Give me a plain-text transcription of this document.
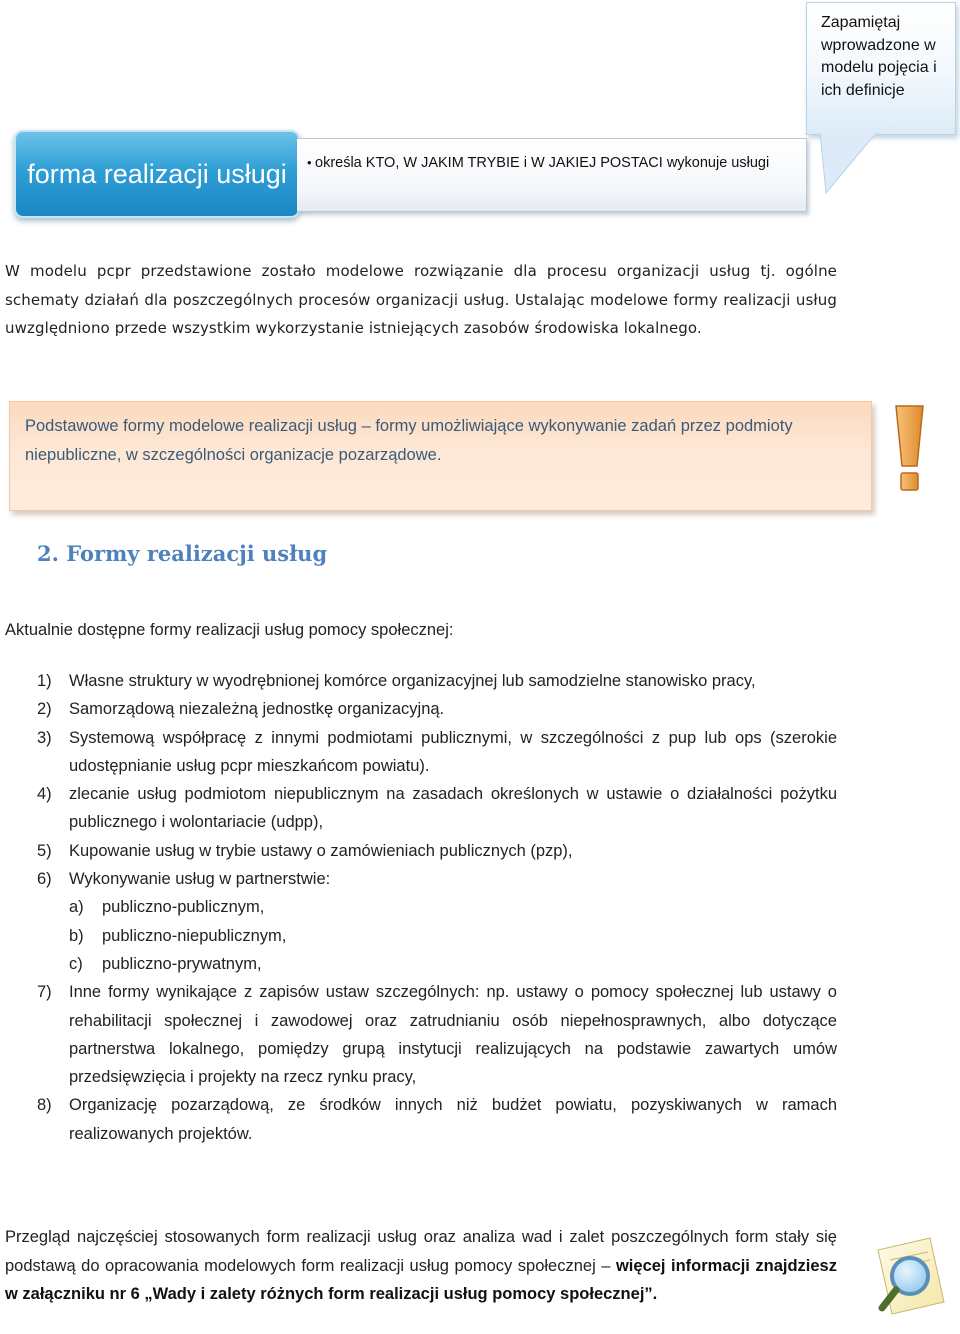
Zapamiętaj wprowadzone w modelu pojęcia i ich definicje
forma realizacji usługi	• określa KTO, W JAKIM TRYBIE i W JAKIEJ POSTACI wykonuje usługi

W modelu pcpr przedstawione zostało modelowe rozwiązanie dla procesu organizacji usług tj. ogólne schematy działań dla poszczególnych procesów organizacji usług. Ustalając modelowe formy realizacji usług uwzględniono przede wszystkim wykorzystanie istniejących zasobów środowiska lokalnego.

Podstawowe formy modelowe realizacji usług – formy umożliwiające wykonywanie zadań przez podmioty niepubliczne, w szczególności organizacje pozarządowe.
2. Formy realizacji usług
Aktualnie dostępne formy realizacji usług pomocy społecznej:
1) Własne struktury w wyodrębnionej komórce organizacyjnej lub samodzielne stanowisko pracy,
2) Samorządową niezależną jednostkę organizacyjną.
3) Systemową współpracę z innymi podmiotami publicznymi, w szczególności z pup lub ops (szerokie udostępnianie usług pcpr mieszkańcom powiatu).
4) zlecanie usług podmiotom niepublicznym na zasadach określonych w ustawie o działalności pożytku publicznego i wolontariacie (udpp),
5) Kupowanie usług w trybie ustawy o zamówieniach publicznych (pzp),
6) Wykonywanie usług w partnerstwie:
a) publiczno-publicznym,
b) publiczno-niepublicznym,
c) publiczno-prywatnym,
7) Inne formy wynikające z zapisów ustaw szczególnych: np. ustawy o pomocy społecznej lub ustawy o rehabilitacji społecznej i zawodowej oraz zatrudnianiu osób niepełnosprawnych, albo dotyczące partnerstwa lokalnego, pomiędzy grupą instytucji realizujących na podstawie zawartych umów przedsięwzięcia i projekty na rzecz rynku pracy,
8) Organizację pozarządową, ze środków innych niż budżet powiatu, pozyskiwanych w ramach realizowanych projektów.

Przegląd najczęściej stosowanych form realizacji usług oraz analiza wad i zalet poszczególnych form stały się podstawą do opracowania modelowych form realizacji usług pomocy społecznej – więcej informacji znajdziesz w załączniku nr 6 „Wady i zalety różnych form realizacji usług pomocy społecznej”.
